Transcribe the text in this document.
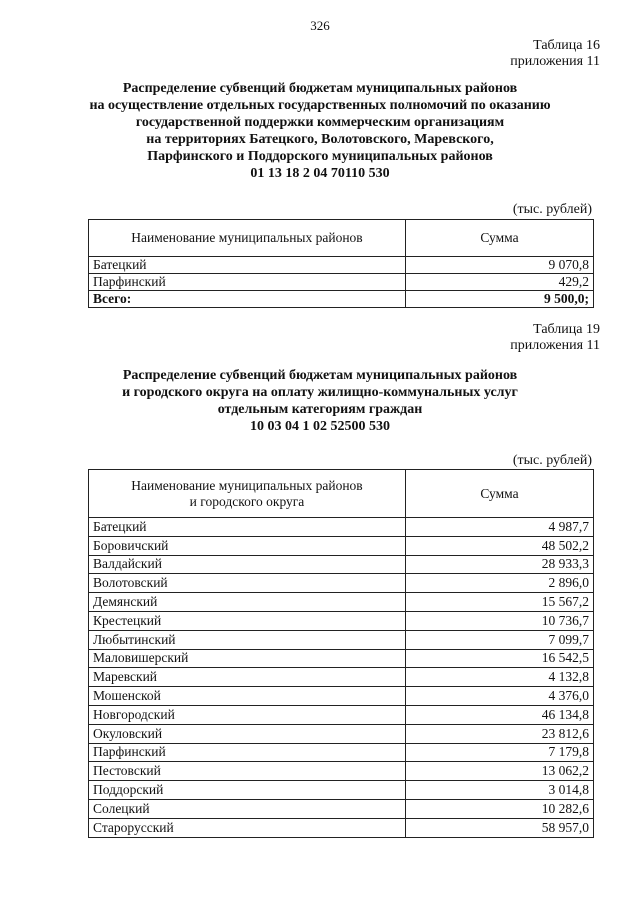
326
Таблица 16
приложения 11
Распределение субвенций бюджетам муниципальных районов
на осуществление отдельных государственных полномочий по оказанию
государственной поддержки коммерческим организациям
на территориях Батецкого, Волотовского, Маревского,
Парфинского и Поддорского муниципальных районов
01 13 18 2 04 70110 530
(тыс. рублей)
Наименование муниципальных районов	Сумма
Батецкий	9 070,8
Парфинский	429,2
Всего:	9 500,0;
Таблица 19
приложения 11
Распределение субвенций бюджетам муниципальных районов
и городского округа на оплату жилищно-коммунальных услуг
отдельным категориям граждан
10 03 04 1 02 52500 530
(тыс. рублей)
Наименование муниципальных районов
и городского округа	Сумма
Батецкий	4 987,7
Боровичский	48 502,2
Валдайский	28 933,3
Волотовский	2 896,0
Демянский	15 567,2
Крестецкий	10 736,7
Любытинский	7 099,7
Маловишерский	16 542,5
Маревский	4 132,8
Мошенской	4 376,0
Новгородский	46 134,8
Окуловский	23 812,6
Парфинский	7 179,8
Пестовский	13 062,2
Поддорский	3 014,8
Солецкий	10 282,6
Старорусский	58 957,0
